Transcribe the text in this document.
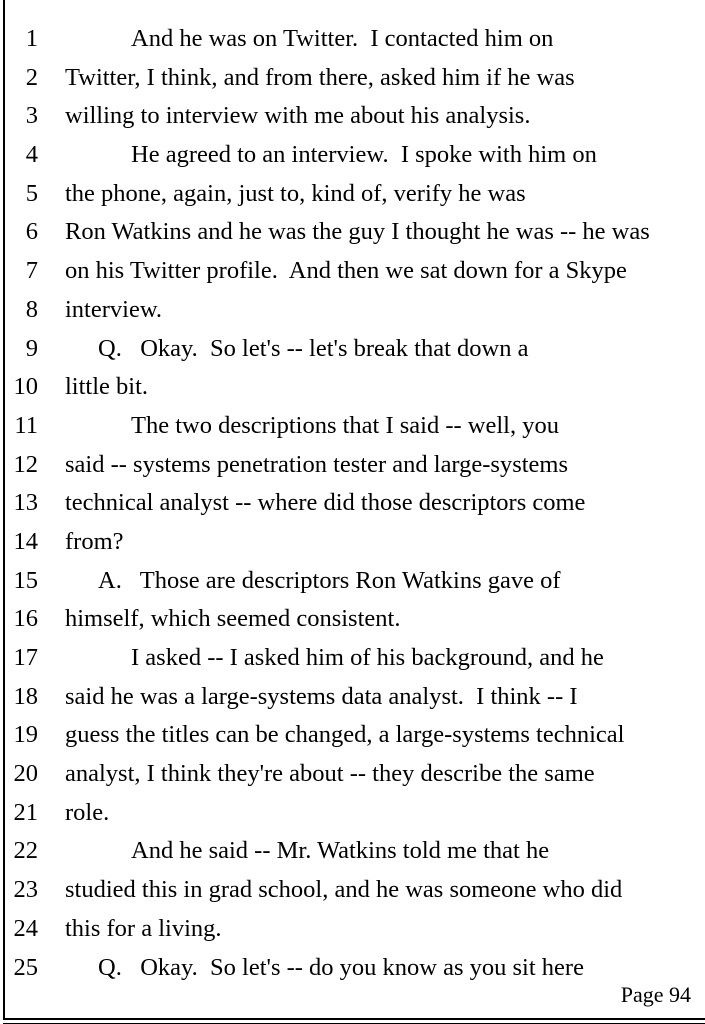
1	And he was on Twitter.  I contacted him on
2 Twitter, I think, and from there, asked him if he was
3 willing to interview with me about his analysis.
4	He agreed to an interview.  I spoke with him on
5 the phone, again, just to, kind of, verify he was
6 Ron Watkins and he was the guy I thought he was -- he was
7 on his Twitter profile.  And then we sat down for a Skype
8 interview.
9	Q.   Okay.  So let's -- let's break that down a
10 little bit.
11	The two descriptions that I said -- well, you
12 said -- systems penetration tester and large-systems
13 technical analyst -- where did those descriptors come
14 from?
15	A.   Those are descriptors Ron Watkins gave of
16 himself, which seemed consistent.
17	I asked -- I asked him of his background, and he
18 said he was a large-systems data analyst.  I think -- I
19 guess the titles can be changed, a large-systems technical
20 analyst, I think they're about -- they describe the same
21 role.
22	And he said -- Mr. Watkins told me that he
23 studied this in grad school, and he was someone who did
24 this for a living.
25	Q.   Okay.  So let's -- do you know as you sit here
Page 94
